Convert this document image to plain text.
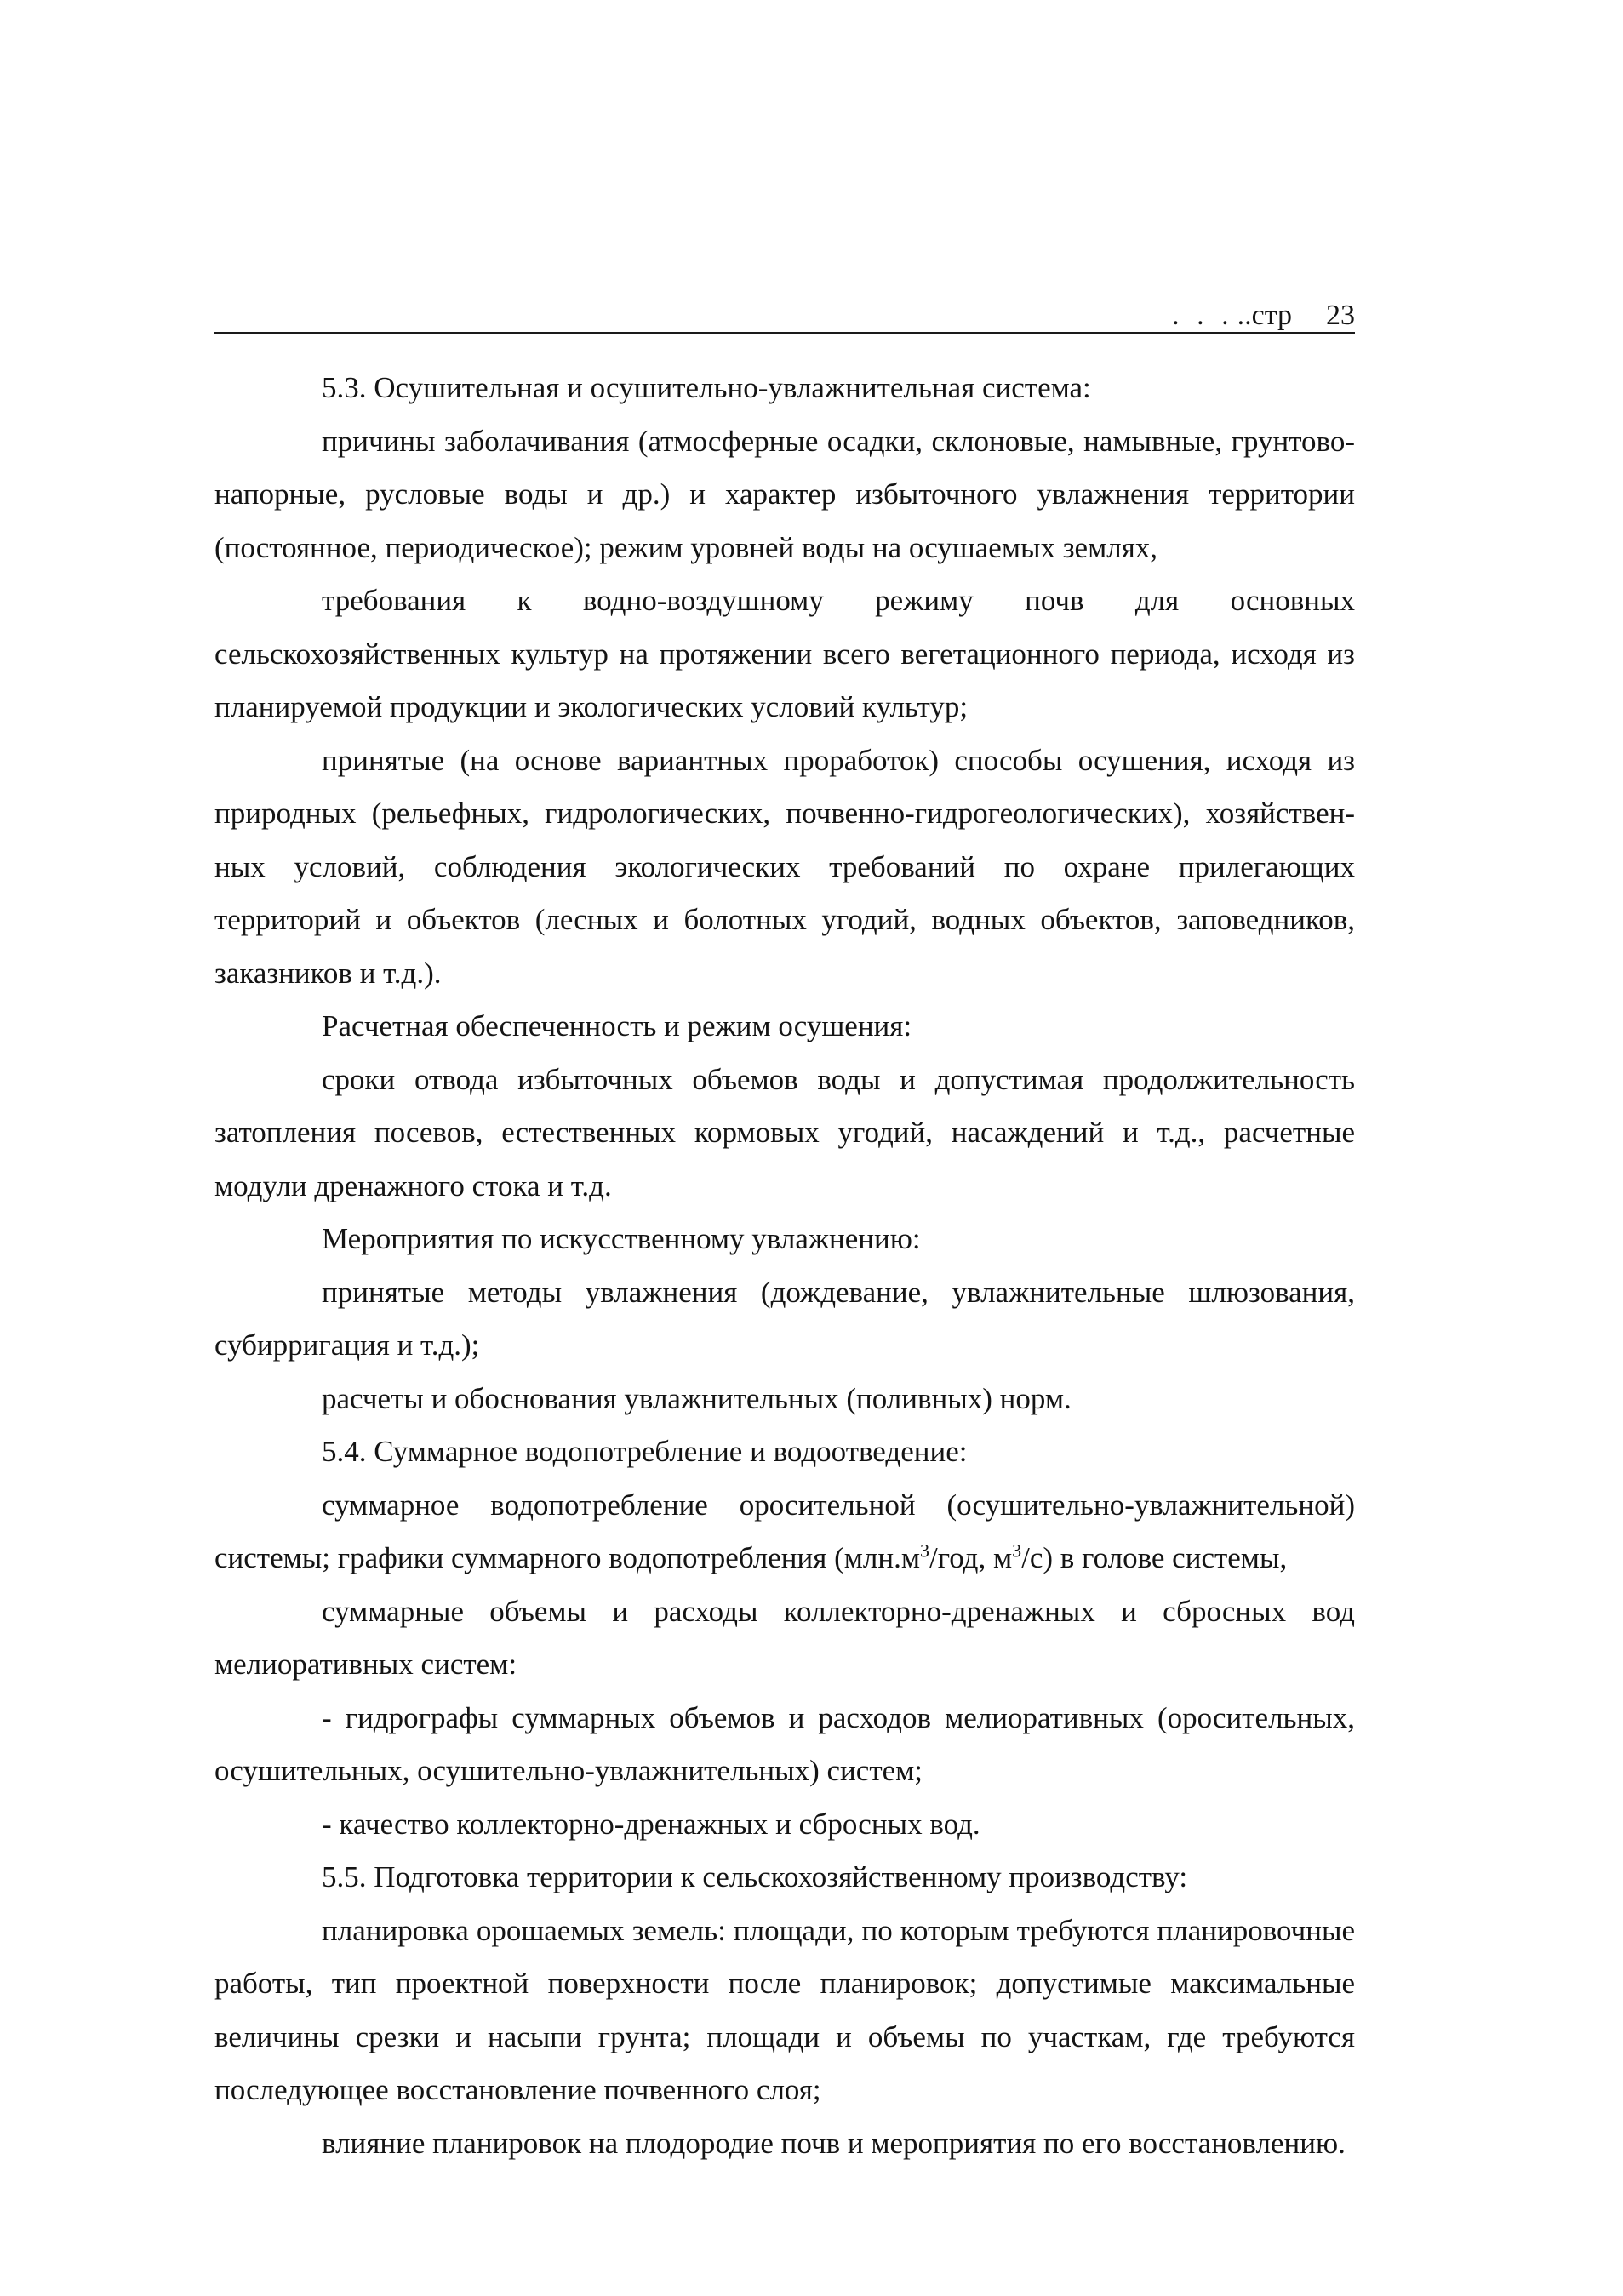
. . . ..стр 23

5.3. Осушительная и осушительно-увлажнительная система:

причины заболачивания (атмосферные осадки, склоновые, намывные, грунтово-напорные, русловые воды и др.) и характер избыточного увлажнения территории (постоянное, периодическое); режим уровней воды на осушаемых землях,

требования к водно-воздушному режиму почв для основных сельскохозяйственных культур на протяжении всего вегетационного периода, исходя из планируемой продукции и экологических условий культур;

принятые (на основе вариантных проработок) способы осушения, исходя из природных (рельефных, гидрологических, почвенно-гидрогеологических), хозяйствен-ных условий, соблюдения экологических требований по охране прилегающих территорий и объектов (лесных и болотных угодий, водных объектов, заповедников, заказников и т.д.).

Расчетная обеспеченность и режим осушения:

сроки отвода избыточных объемов воды и допустимая продолжительность затопления посевов, естественных кормовых угодий, насаждений и т.д., расчетные модули дренажного стока и т.д.

Мероприятия по искусственному увлажнению:

принятые методы увлажнения (дождевание, увлажнительные шлюзования, субирригация и т.д.);

расчеты и обоснования увлажнительных (поливных) норм.

5.4. Суммарное водопотребление и водоотведение:

суммарное водопотребление оросительной (осушительно-увлажнительной) системы; графики суммарного водопотребления ($млн.м^3$/год, $м^3/с$) в голове системы,

суммарные объемы и расходы коллекторно-дренажных и сбросных вод мелиоративных систем:

- гидрографы суммарных объемов и расходов мелиоративных (оросительных, осушительных, осушительно-увлажнительных) систем;

- качество коллекторно-дренажных и сбросных вод.

5.5. Подготовка территории к сельскохозяйственному производству:

планировка орошаемых земель: площади, по которым требуются планировочные работы, тип проектной поверхности после планировок; допустимые максимальные величины срезки и насыпи грунта; площади и объемы по участкам, где требуются последующее восстановление почвенного слоя;

влияние планировок на плодородие почв и мероприятия по его восстановлению.
